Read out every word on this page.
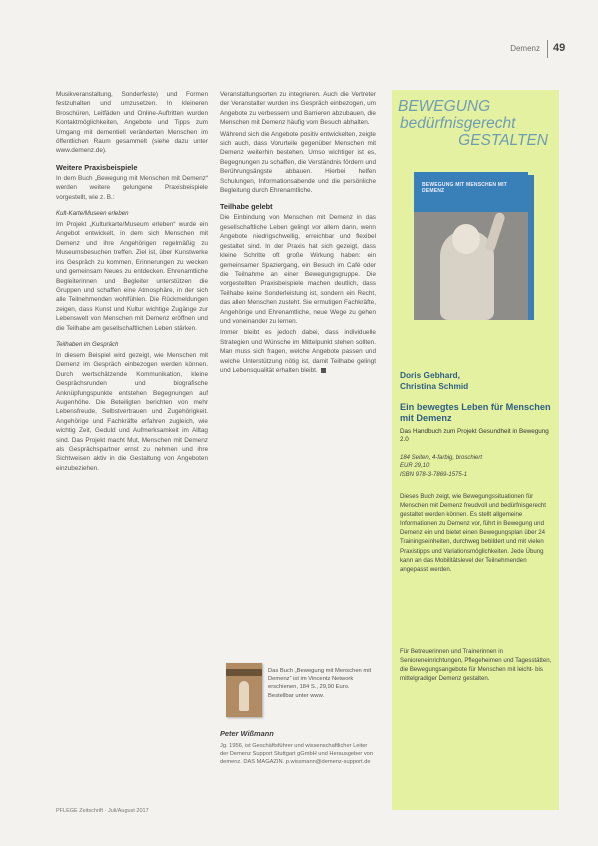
Demenz 49

Musikveranstaltung, Sonderfeste) und Formen festzuhalten und umzusetzen. In kleineren Broschüren, Leitfäden und Online-Auftritten wurden Kontaktmöglichkeiten, Angebote und Tipps zum Umgang mit dementiell veränderten Menschen im öffentlichen Raum gesammelt (siehe dazu unter www.demenz.de).

Weitere Praxisbeispiele

In dem Buch „Bewegung mit Menschen mit Demenz“ werden weitere gelungene Praxisbeispiele vorgestellt, wie z. B.:

Kult-Karte/Museen erleben

Im Projekt „Kulturkarte/Museum erleben“ wurde ein Angebot entwickelt, in dem sich Menschen mit Demenz und ihre Angehörigen regelmäßig zu Museumsbesuchen treffen. Ziel ist, über Kunstwerke ins Gespräch zu kommen, Erinnerungen zu wecken und gemeinsam Neues zu entdecken. Ehrenamtliche Begleiterinnen und Begleiter unterstützen die Gruppen und schaffen eine Atmosphäre, in der sich alle Teilnehmenden wohlfühlen. Die Rückmeldungen zeigen, dass Kunst und Kultur wichtige Zugänge zur Lebenswelt von Menschen mit Demenz eröffnen und die Teilhabe am gesellschaftlichen Leben stärken.

Teilhaben im Gespräch

In diesem Beispiel wird gezeigt, wie Menschen mit Demenz im Gespräch einbezogen werden können. Durch wertschätzende Kommunikation, kleine Gesprächsrunden und biografische Anknüpfungspunkte entstehen Begegnungen auf Augenhöhe. Die Beteiligten berichten von mehr Lebensfreude, Selbstvertrauen und Zugehörigkeit. Angehörige und Fachkräfte erfahren zugleich, wie wichtig Zeit, Geduld und Aufmerksamkeit im Alltag sind. Das Projekt macht Mut, Menschen mit Demenz als Gesprächspartner ernst zu nehmen und ihre Sichtweisen aktiv in die Gestaltung von Angeboten einzubeziehen.

PFLEGE Zeitschrift · Juli/August 2017

Veranstaltungsorten zu integrieren. Auch die Vertreter der Veranstalter wurden ins Gespräch einbezogen, um Angebote zu verbessern und Barrieren abzubauen, die Menschen mit Demenz häufig vom Besuch abhalten.

Während sich die Angebote positiv entwickelten, zeigte sich auch, dass Vorurteile gegenüber Menschen mit Demenz weiterhin bestehen. Umso wichtiger ist es, Begegnungen zu schaffen, die Verständnis fördern und Berührungsängste abbauen. Hierbei helfen Schulungen, Informationsabende und die persönliche Begleitung durch Ehrenamtliche.

Teilhabe gelebt

Die Einbindung von Menschen mit Demenz in das gesellschaftliche Leben gelingt vor allem dann, wenn Angebote niedrigschwellig, erreichbar und flexibel gestaltet sind. In der Praxis hat sich gezeigt, dass kleine Schritte oft große Wirkung haben: ein gemeinsamer Spaziergang, ein Besuch im Café oder die Teilnahme an einer Bewegungsgruppe. Die vorgestellten Praxisbeispiele machen deutlich, dass Teilhabe keine Sonderleistung ist, sondern ein Recht, das allen Menschen zusteht. Sie ermutigen Fachkräfte, Angehörige und Ehrenamtliche, neue Wege zu gehen und voneinander zu lernen.

Immer bleibt es jedoch dabei, dass individuelle Strategien und Wünsche im Mittelpunkt stehen sollten. Man muss sich fragen, welche Angebote passen und welche Unterstützung nötig ist, damit Teilhabe gelingt und Lebensqualität erhalten bleibt.

Das Buch „Bewegung mit Menschen mit Demenz“ ist im Vincentz Network erschienen, 184 S., 29,90 Euro. Bestellbar unter www.
Peter Wißmann
Jg. 1956, ist Geschäftsführer und wissenschaftlicher Leiter der Demenz Support Stuttgart gGmbH und Herausgeber von demenz. DAS MAGAZIN. p.wissmann@demenz-support.de
BEWEGUNG
bedürfnisgerecht
GESTALTEN
BEWEGUNG MIT MENSCHEN MIT DEMENZ
Doris Gebhard,
Christina Schmid
Ein bewegtes Leben für Menschen mit Demenz
Das Handbuch zum Projekt Gesundheit in Bewegung 2.0
184 Seiten, 4-farbig, broschiert
EUR 29,10
ISBN 978-3-7869-1575-1
Dieses Buch zeigt, wie Bewegungssituationen für Menschen mit Demenz freudvoll und bedürfnisgerecht gestaltet werden können. Es stellt allgemeine Informationen zu Demenz vor, führt in Bewegung und Demenz ein und bietet einen Bewegungsplan über 24 Trainingseinheiten, durchweg bebildert und mit vielen Praxistipps und Variationsmöglichkeiten. Jede Übung kann an das Mobilitätslevel der Teilnehmenden angepasst werden.
Für Betreuerinnen und Trainerinnen in Senioreneinrichtungen, Pflegeheimen und Tagesstätten, die Bewegungsangebote für Menschen mit leicht- bis mittelgradiger Demenz gestalten.
